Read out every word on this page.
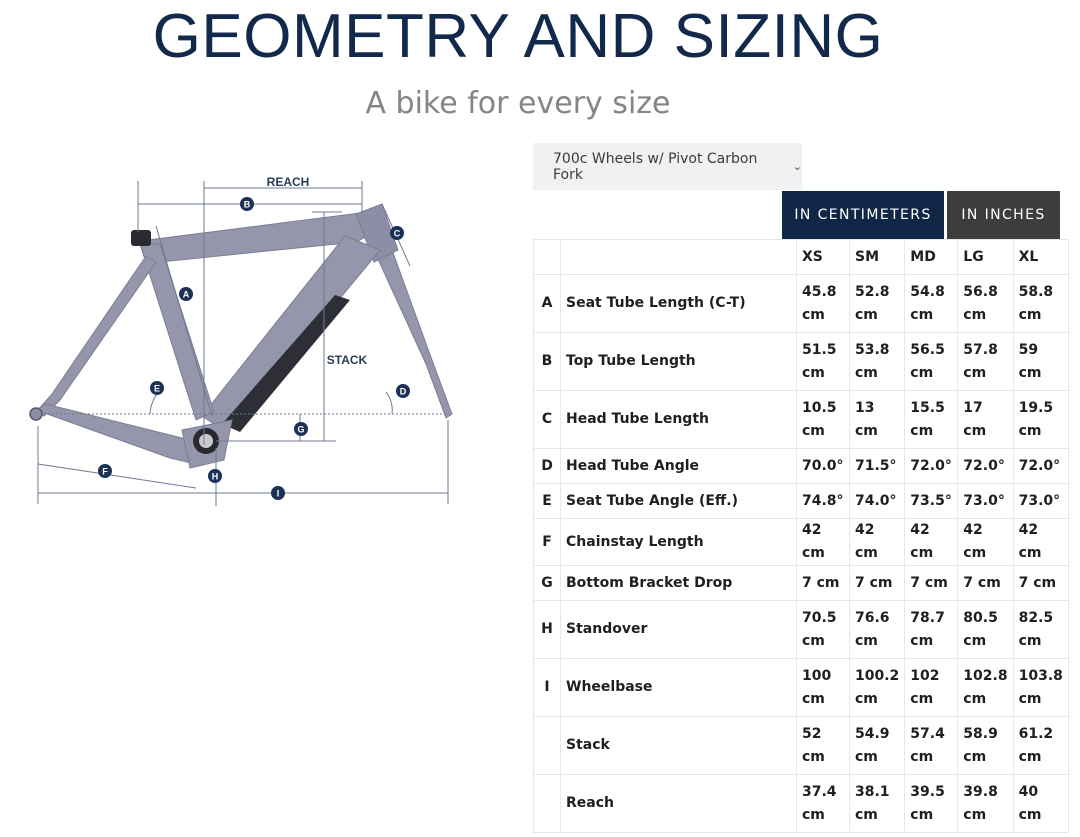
GEOMETRY AND SIZING
A bike for every size
REACH
STACK
B
C
A
E	D
G
F	H
I
700c Wheels w/ Pivot Carbon Fork	⌄
IN CENTIMETERS	IN INCHES
		XS	SM	MD	LG	XL
A	Seat Tube Length (C-T)	45.8 cm	52.8 cm	54.8 cm	56.8 cm	58.8 cm
B	Top Tube Length	51.5 cm	53.8 cm	56.5 cm	57.8 cm	59 cm
C	Head Tube Length	10.5 cm	13 cm	15.5 cm	17 cm	19.5 cm
D	Head Tube Angle	70.0°	71.5°	72.0°	72.0°	72.0°
E	Seat Tube Angle (Eff.)	74.8°	74.0°	73.5°	73.0°	73.0°
F	Chainstay Length	42 cm	42 cm	42 cm	42 cm	42 cm
G	Bottom Bracket Drop	7 cm	7 cm	7 cm	7 cm	7 cm
H	Standover	70.5 cm	76.6 cm	78.7 cm	80.5 cm	82.5 cm
I	Wheelbase	100 cm	100.2 cm	102 cm	102.8 cm	103.8 cm
	Stack	52 cm	54.9 cm	57.4 cm	58.9 cm	61.2 cm
	Reach	37.4 cm	38.1 cm	39.5 cm	39.8 cm	40 cm
